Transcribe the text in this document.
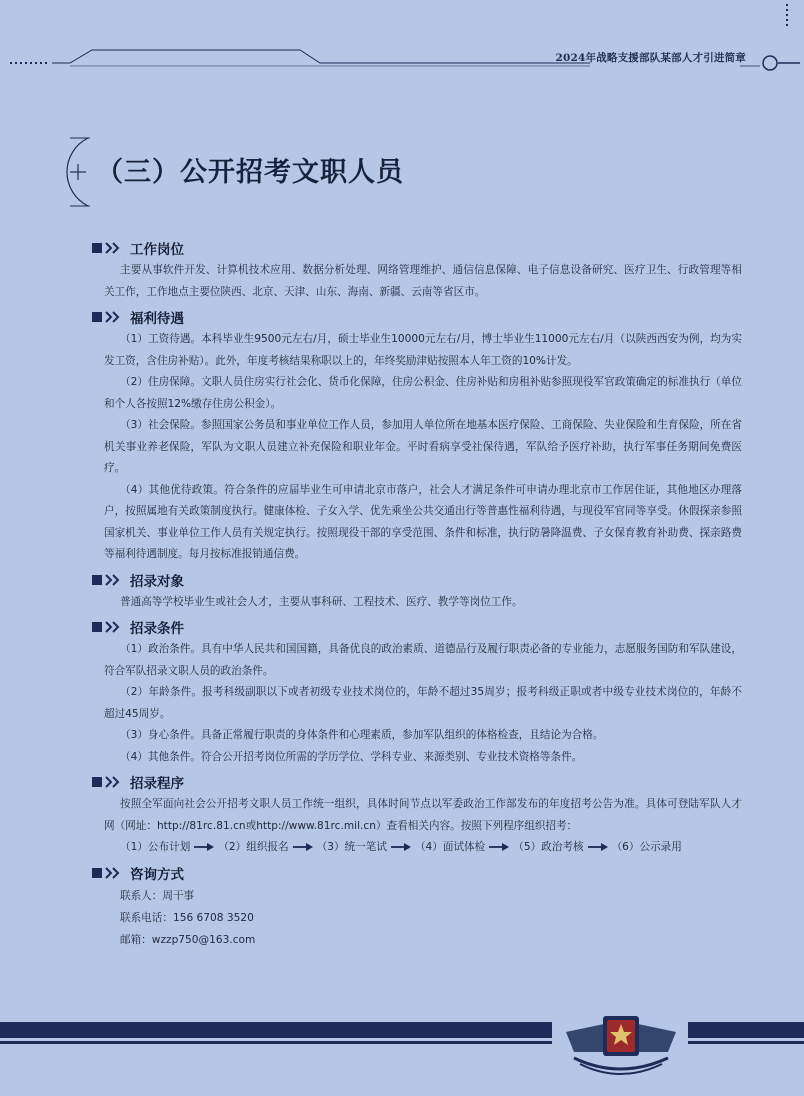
2024年战略支援部队某部人才引进简章
（三）公开招考文职人员
工作岗位

主要从事软件开发、计算机技术应用、数据分析处理、网络管理维护、通信信息保障、电子信息设备研究、医疗卫生、行政管理等相关工作，工作地点主要位陕西、北京、天津、山东、海南、新疆、云南等省区市。

福利待遇

（1）工资待遇。本科毕业生9500元左右/月，硕士毕业生10000元左右/月，博士毕业生11000元左右/月（以陕西西安为例，均为实发工资，含住房补贴）。此外，年度考核结果称职以上的，年终奖励津贴按照本人年工资的10%计发。

（2）住房保障。文职人员住房实行社会化、货币化保障，住房公积金、住房补贴和房租补贴参照现役军官政策确定的标准执行（单位和个人各按照12%缴存住房公积金）。

（3）社会保险。参照国家公务员和事业单位工作人员，参加用人单位所在地基本医疗保险、工商保险、失业保险和生育保险，所在省机关事业养老保险，军队为文职人员建立补充保险和职业年金。平时看病享受社保待遇，军队给予医疗补助，执行军事任务期间免费医疗。

（4）其他优待政策。符合条件的应届毕业生可申请北京市落户，社会人才满足条件可申请办理北京市工作居住证，其他地区办理落户，按照属地有关政策制度执行。健康体检、子女入学、优先乘坐公共交通出行等普惠性福利待遇，与现役军官同等享受。休假探亲参照国家机关、事业单位工作人员有关规定执行。按照现役干部的享受范围、条件和标准，执行防暑降温费、子女保育教育补助费、探亲路费等福利待遇制度。每月按标准报销通信费。

招录对象

普通高等学校毕业生或社会人才，主要从事科研、工程技术、医疗、教学等岗位工作。

招录条件

（1）政治条件。具有中华人民共和国国籍，具备优良的政治素质、道德品行及履行职责必备的专业能力，志愿服务国防和军队建设，符合军队招录文职人员的政治条件。

（2）年龄条件。报考科级副职以下或者初级专业技术岗位的，年龄不超过35周岁；报考科级正职或者中级专业技术岗位的，年龄不超过45周岁。

（3）身心条件。具备正常履行职责的身体条件和心理素质，参加军队组织的体格检查，且结论为合格。

（4）其他条件。符合公开招考岗位所需的学历学位、学科专业、来源类别、专业技术资格等条件。

招录程序

按照全军面向社会公开招考文职人员工作统一组织，具体时间节点以军委政治工作部发布的年度招考公告为准。具体可登陆军队人才网（网址：http://81rc.81.cn或http://www.81rc.mil.cn）查看相关内容。按照下列程序组织招考：

（1）公布计划	（2）组织报名	（3）统一笔试	（4）面试体检	（5）政治考核	（6）公示录用

咨询方式

联系人：周干事

联系电话：156 6708 3520

邮箱：wzzp750@163.com
